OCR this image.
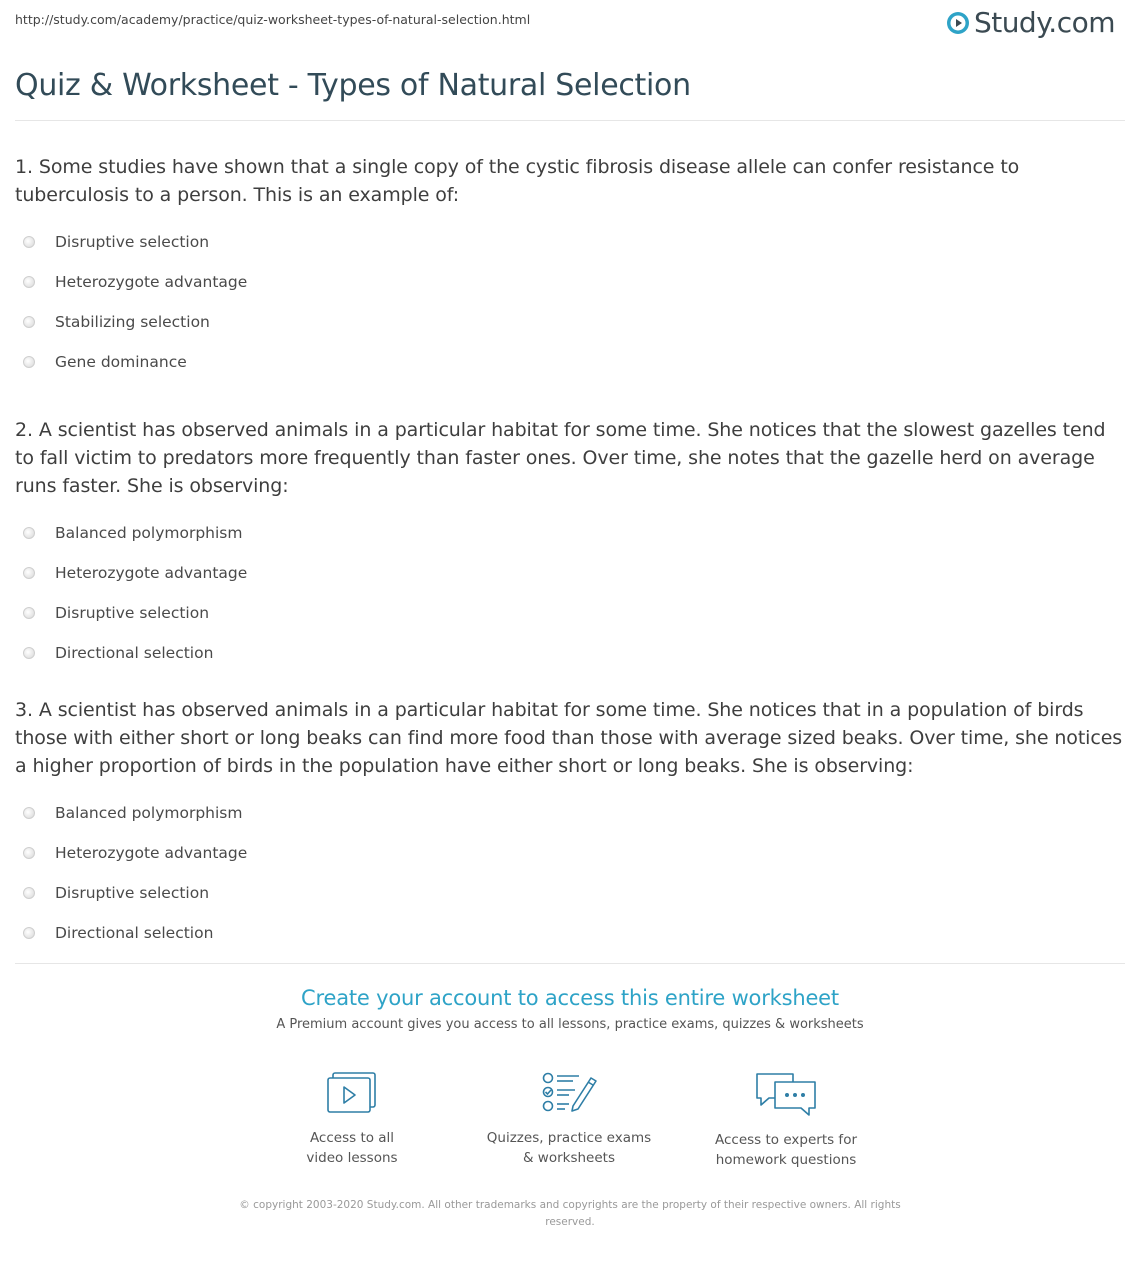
http://study.com/academy/practice/quiz-worksheet-types-of-natural-selection.html	Study.com
Quiz & Worksheet - Types of Natural Selection

1. Some studies have shown that a single copy of the cystic fibrosis disease allele can confer resistance to tuberculosis to a person. This is an example of:

Disruptive selection
Heterozygote advantage
Stabilizing selection
Gene dominance

2. A scientist has observed animals in a particular habitat for some time. She notices that the slowest gazelles tend to fall victim to predators more frequently than faster ones. Over time, she notes that the gazelle herd on average runs faster. She is observing:

Balanced polymorphism
Heterozygote advantage
Disruptive selection
Directional selection

3. A scientist has observed animals in a particular habitat for some time. She notices that in a population of birds those with either short or long beaks can find more food than those with average sized beaks. Over time, she notices a higher proportion of birds in the population have either short or long beaks. She is observing:

Balanced polymorphism
Heterozygote advantage
Disruptive selection
Directional selection
Create your account to access this entire worksheet
A Premium account gives you access to all lessons, practice exams, quizzes & worksheets
Access to all
video lessons
Quizzes, practice exams
& worksheets
Access to experts for
homework questions
© copyright 2003-2020 Study.com. All other trademarks and copyrights are the property of their respective owners. All rights reserved.
